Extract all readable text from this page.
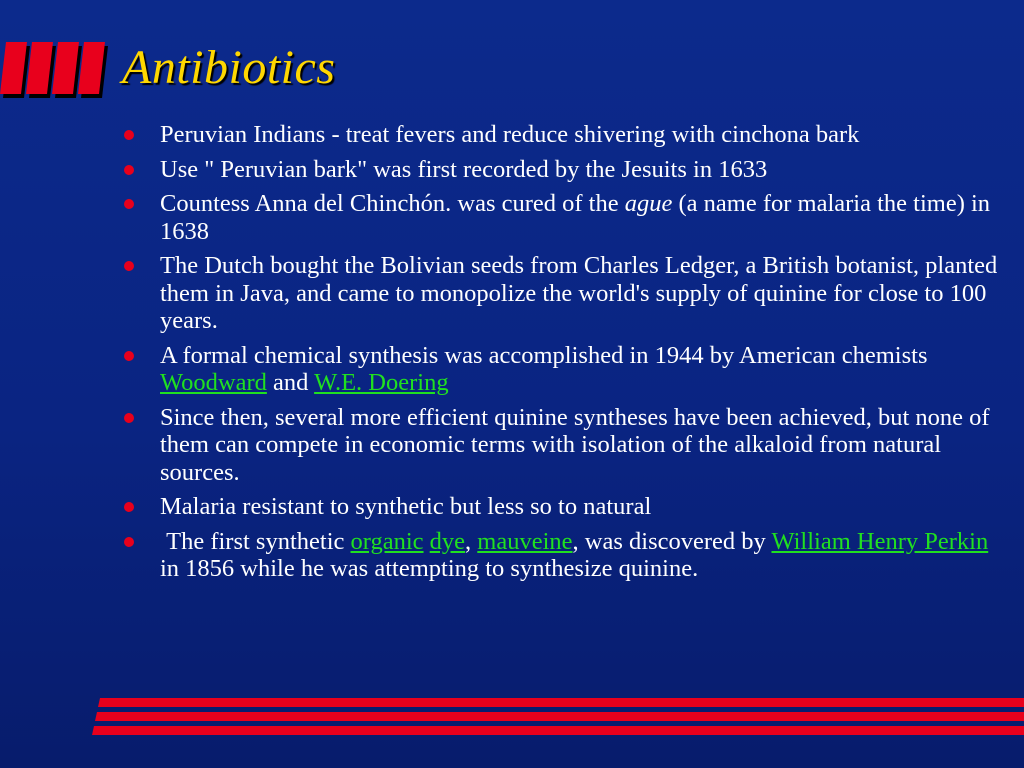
Antibiotics
Peruvian Indians - treat fevers and reduce shivering with cinchona bark
Use " Peruvian bark" was first recorded by the Jesuits in 1633
Countess Anna del Chinchón. was cured of the ague (a name for malaria the time) in 1638
The Dutch bought the Bolivian seeds from Charles Ledger, a British botanist, planted them in Java, and came to monopolize the world's supply of quinine for close to 100 years.
A formal chemical synthesis was accomplished in 1944 by American chemists Woodward and W.E. Doering
Since then, several more efficient quinine syntheses have been achieved, but none of them can compete in economic terms with isolation of the alkaloid from natural sources.
Malaria resistant to synthetic but less so to natural
The first synthetic organic dye, mauveine, was discovered by William Henry Perkin in 1856 while he was attempting to synthesize quinine.
